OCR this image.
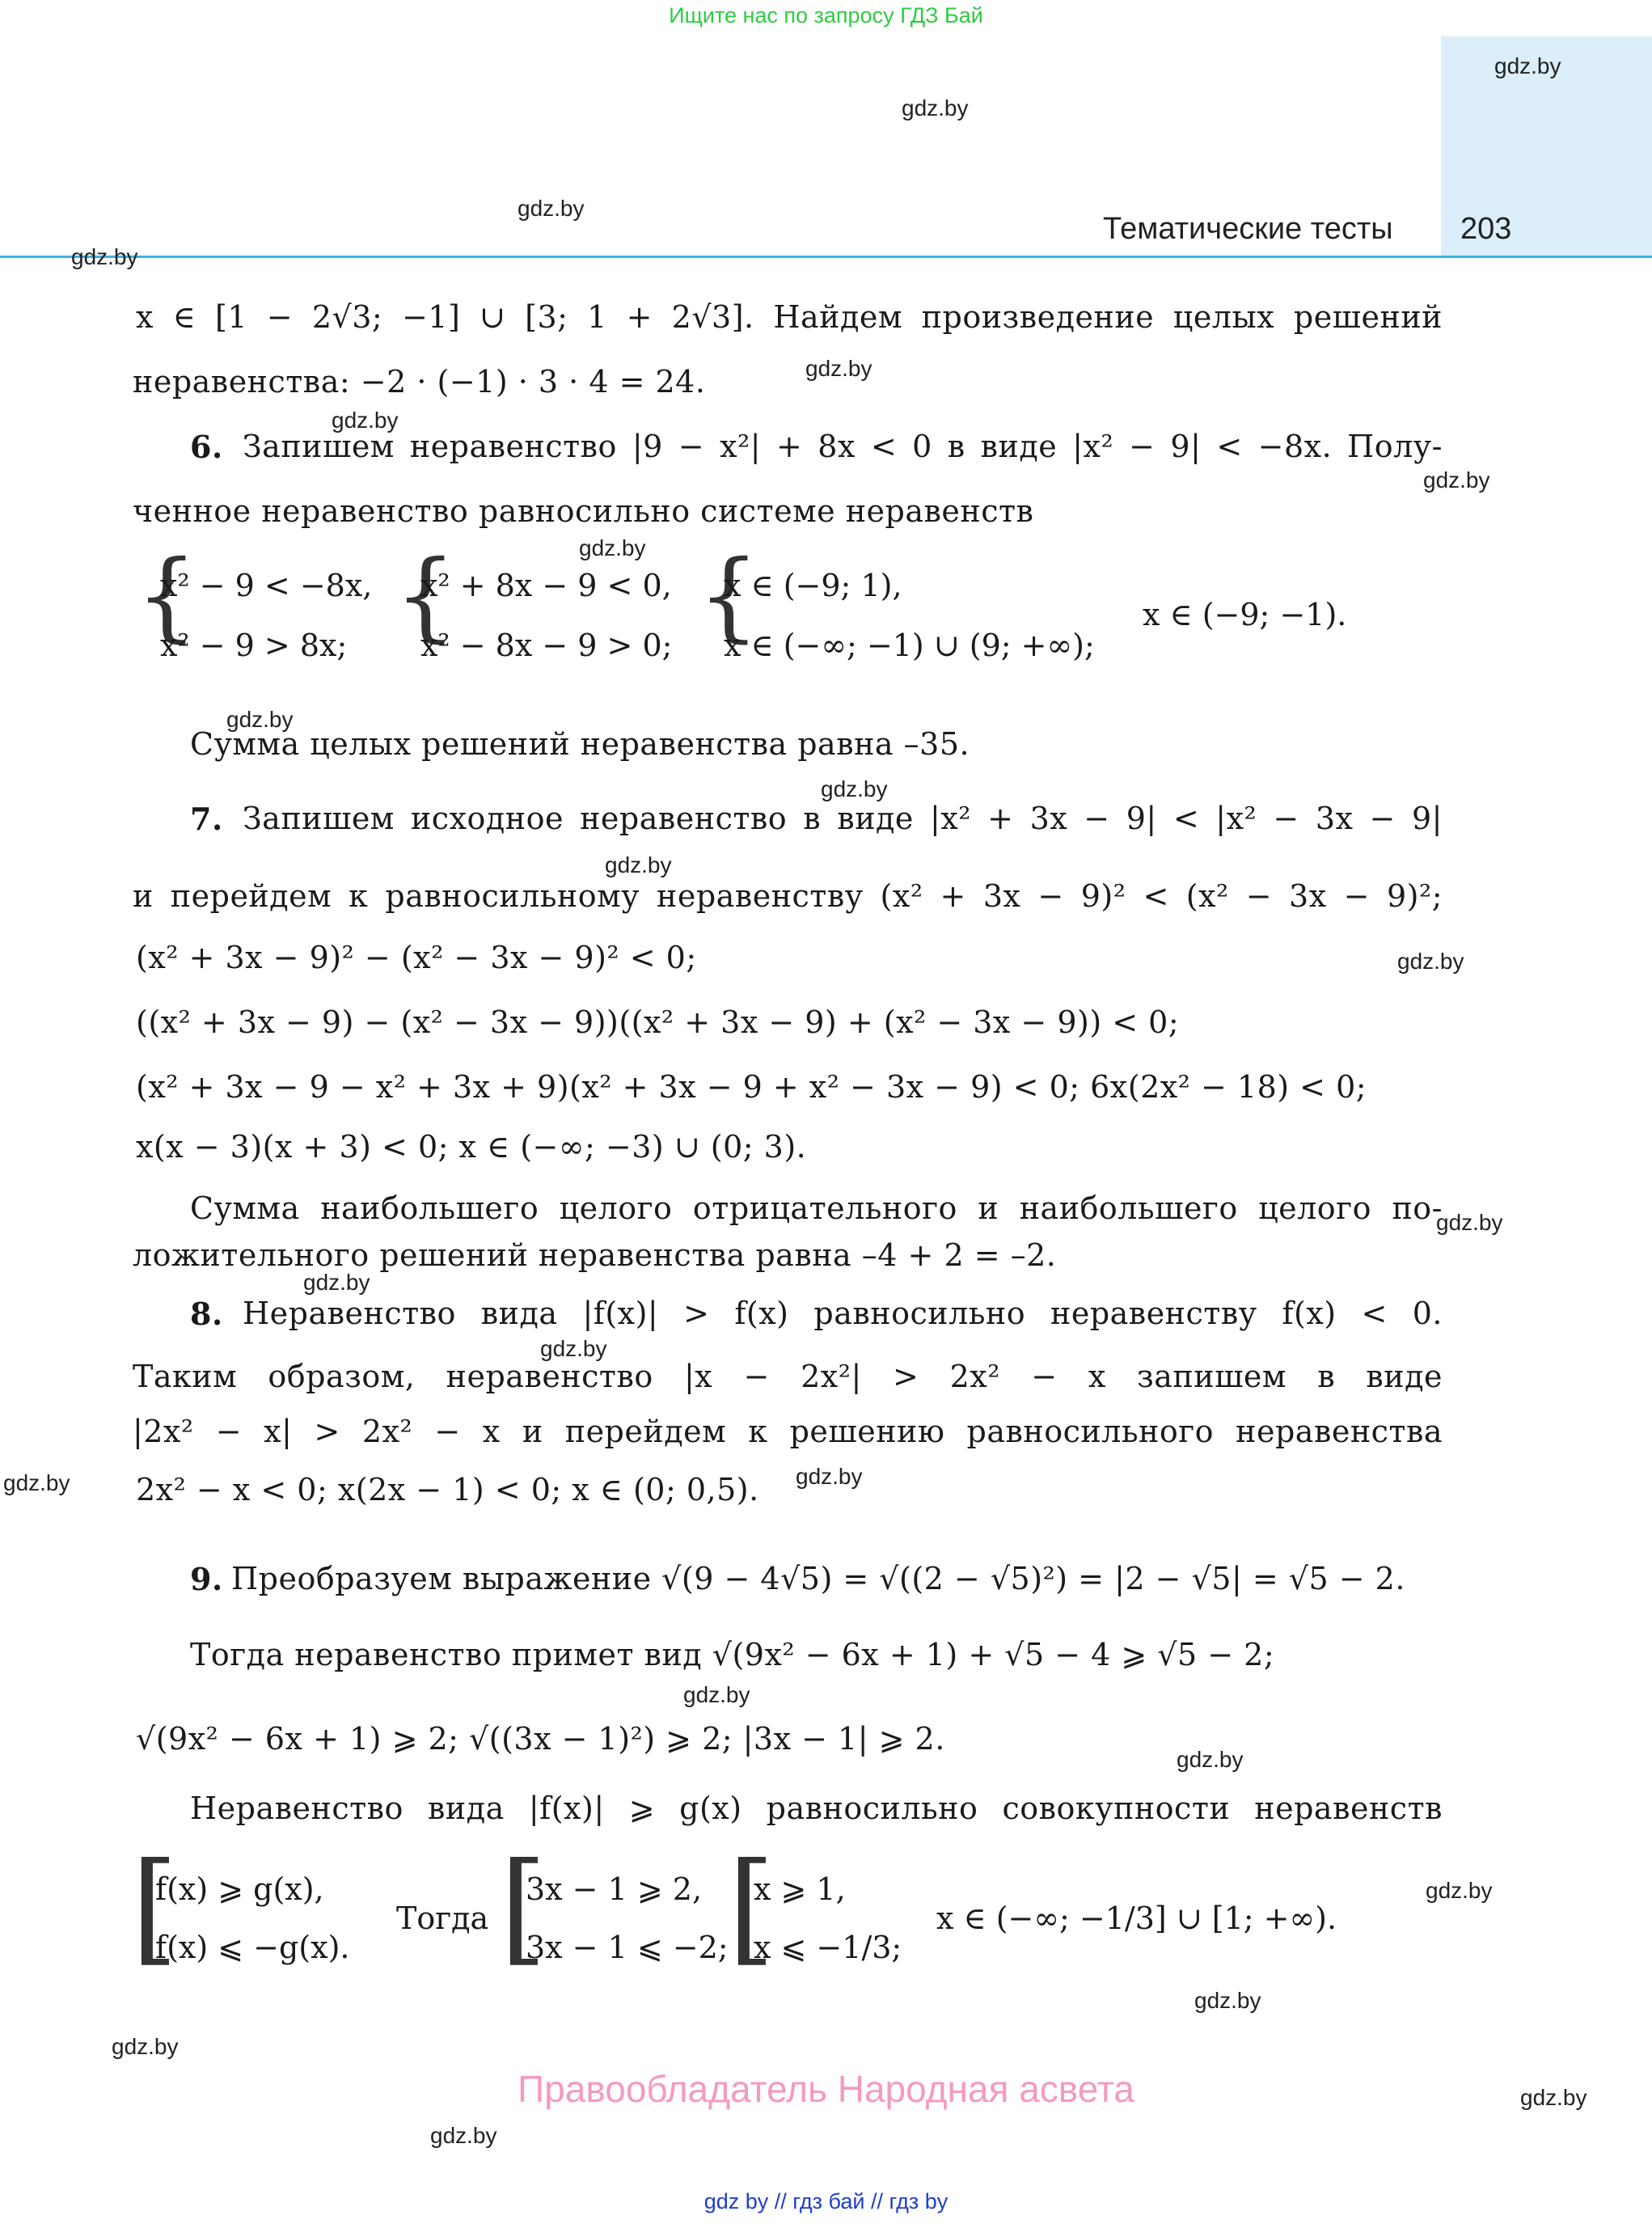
Ищите нас по запросу ГДЗ Бай
Тематические тесты 203
gdz.by
gdz.by
gdz.by
gdz.by
gdz.by
gdz.by
gdz.by
gdz.by
gdz.by
gdz.by
gdz.by
gdz.by
gdz.by
gdz.by
gdz.by
gdz.by
gdz.by
gdz.by
gdz.by
gdz.by
gdz.by
gdz.by
gdz.by
gdz.by
x ∈ [1 − 2√3; −1] ∪ [3; 1 + 2√3]. Найдем произведение целых решений
неравенства: −2 · (−1) · 3 · 4 = 24.
6. Запишем неравенство |9 − x²| + 8x < 0 в виде |x² − 9| < −8x. Полу-
ченное неравенство равносильно системе неравенств
{
x² − 9 < −8x,
x² − 9 > 8x; {
x² + 8x − 9 < 0,
x² − 8x − 9 > 0; {
x ∈ (−9; 1),
x ∈ (−∞; −1) ∪ (9; +∞);
x ∈ (−9; −1).
Сумма целых решений неравенства равна –35.
7. Запишем исходное неравенство в виде |x² + 3x − 9| < |x² − 3x − 9|
и перейдем к равносильному неравенству (x² + 3x − 9)² < (x² − 3x − 9)²;
(x² + 3x − 9)² − (x² − 3x − 9)² < 0;
((x² + 3x − 9) − (x² − 3x − 9))((x² + 3x − 9) + (x² − 3x − 9)) < 0;
(x² + 3x − 9 − x² + 3x + 9)(x² + 3x − 9 + x² − 3x − 9) < 0; 6x(2x² − 18) < 0;
x(x − 3)(x + 3) < 0; x ∈ (−∞; −3) ∪ (0; 3).
Сумма наибольшего целого отрицательного и наибольшего целого по-
ложительного решений неравенства равна –4 + 2 = –2.
8. Неравенство вида |f(x)| > f(x) равносильно неравенству f(x) < 0.
Таким образом, неравенство |x − 2x²| > 2x² − x запишем в виде
|2x² − x| > 2x² − x и перейдем к решению равносильного неравенства
2x² − x < 0; x(2x − 1) < 0; x ∈ (0; 0,5).
9. Преобразуем выражение √(9 − 4√5) = √((2 − √5)²) = |2 − √5| = √5 − 2.
Тогда неравенство примет вид √(9x² − 6x + 1) + √5 − 4 ⩾ √5 − 2;
√(9x² − 6x + 1) ⩾ 2; √((3x − 1)²) ⩾ 2; |3x − 1| ⩾ 2.
Неравенство вида |f(x)| ⩾ g(x) равносильно совокупности неравенств
[
f(x) ⩾ g(x),
f(x) ⩽ −g(x).
Тогда [
3x − 1 ⩾ 2,
3x − 1 ⩽ −2; [
x ⩾ 1,
x ⩽ −1/3;
x ∈ (−∞; −1/3] ∪ [1; +∞).
Правообладатель Народная асвета
gdz by // гдз бай // гдз by
